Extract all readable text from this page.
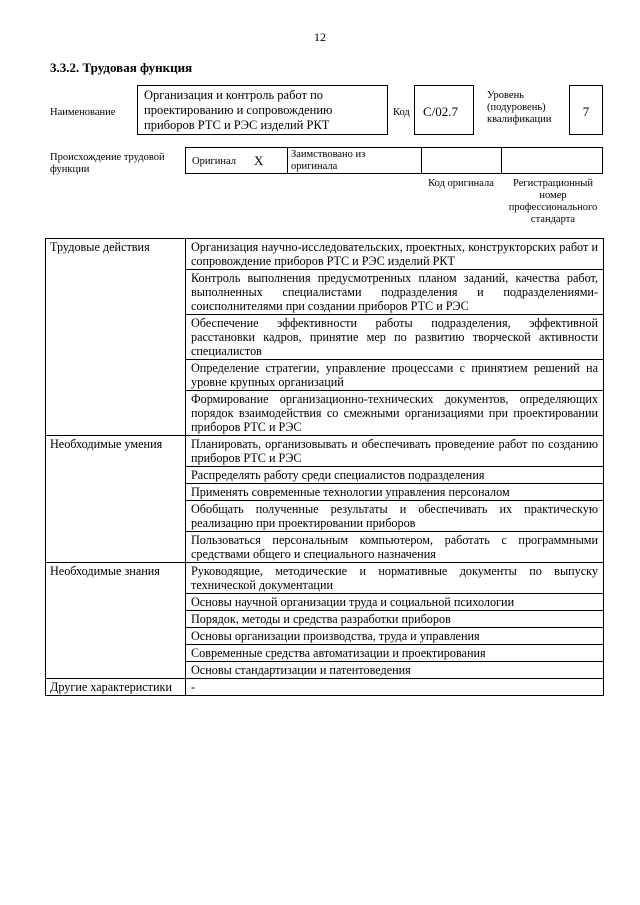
12
3.3.2. Трудовая функция
Наименование
Организация и контроль работ по проектированию и сопровождению приборов РТС и РЭС изделий РКТ
Код	С/02.7
Уровень (подуровень) квалификации
7
Происхождение трудовой функции
Оригинал X	Заимствовано из оригинала
Код оригинала	Регистрационный номер профессионального стандарта
Трудовые действия	Организация научно-исследовательских, проектных, конструкторских работ и сопровождение приборов РТС и РЭС изделий РКТ
	Контроль выполнения предусмотренных планом заданий, качества работ, выполненных специалистами подразделения и подразделениями-соисполнителями при создании приборов РТС и РЭС
	Обеспечение эффективности работы подразделения, эффективной расстановки кадров, принятие мер по развитию творческой активности специалистов
	Определение стратегии, управление процессами с принятием решений на уровне крупных организаций
	Формирование организационно-технических документов, определяющих порядок взаимодействия со смежными организациями при проектировании приборов РТС и РЭС
Необходимые умения	Планировать, организовывать и обеспечивать проведение работ по созданию приборов РТС и РЭС
	Распределять работу среди специалистов подразделения
	Применять современные технологии управления персоналом
	Обобщать полученные результаты и обеспечивать их практическую реализацию при проектировании приборов
	Пользоваться персональным компьютером, работать с программными средствами общего и специального назначения
Необходимые знания	Руководящие, методические и нормативные документы по выпуску технической документации
	Основы научной организации труда и социальной психологии
	Порядок, методы и средства разработки приборов
	Основы организации производства, труда и управления
	Современные средства автоматизации и проектирования
	Основы стандартизации и патентоведения
Другие характеристики	-
